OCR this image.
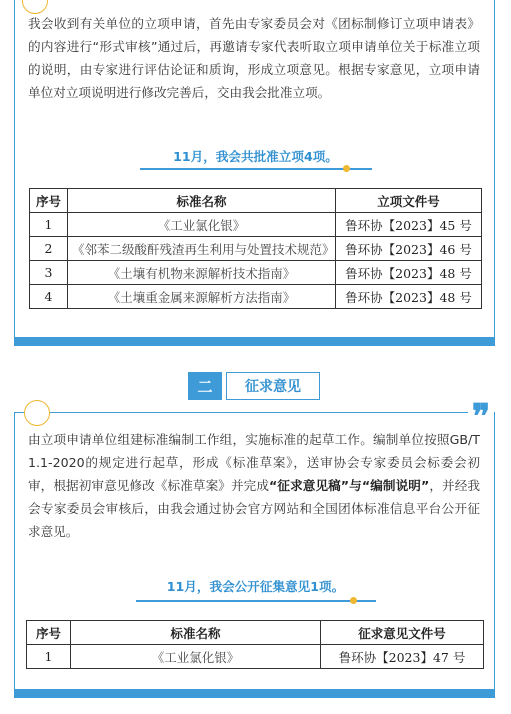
我会收到有关单位的立项申请，首先由专家委员会对《团标制修订立项申请表》的内容进行“形式审核”通过后，再邀请专家代表听取立项申请单位关于标准立项的说明，由专家进行评估论证和质询，形成立项意见。根据专家意见，立项申请单位对立项说明进行修改完善后，交由我会批准立项。

11月，我会共批准立项4项。
序号	标准名称	立项文件号
1	《工业氯化银》	鲁环协【2023】45 号
2	《邻苯二级酸酐残渣再生利用与处置技术规范》	鲁环协【2023】46 号
3	《土壤有机物来源解析技术指南》	鲁环协【2023】48 号
4	《土壤重金属来源解析方法指南》	鲁环协【2023】48 号
二	征求意见
❞

由立项申请单位组建标准编制工作组，实施标准的起草工作。编制单位按照GB/T 1.1-2020的规定进行起草，形成《标准草案》，送审协会专家委员会标委会初审，根据初审意见修改《标准草案》并完成“征求意见稿”与“编制说明”，并经我会专家委员会审核后，由我会通过协会官方网站和全国团体标准信息平台公开征求意见。

11月，我会公开征集意见1项。
序号	标准名称	征求意见文件号
1	《工业氯化银》	鲁环协【2023】47 号
